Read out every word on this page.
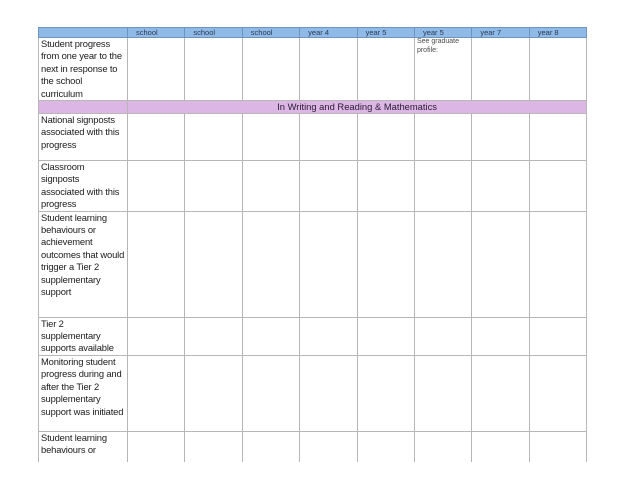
	school	school	school	year 4	year 5	year 5	year 7	year 8
Student progress from one year to the next in response to the school curriculum						See graduate profile:		
	In Writing and Reading & Mathematics							
National signposts associated with this progress								
Classroom signposts associated with this progress								
Student learning behaviours or achievement outcomes that would trigger a Tier 2 supplementary support								
Tier 2 supplementary supports available								
Monitoring student progress during and after the Tier 2 supplementary support was initiated								
Student learning behaviours or								
